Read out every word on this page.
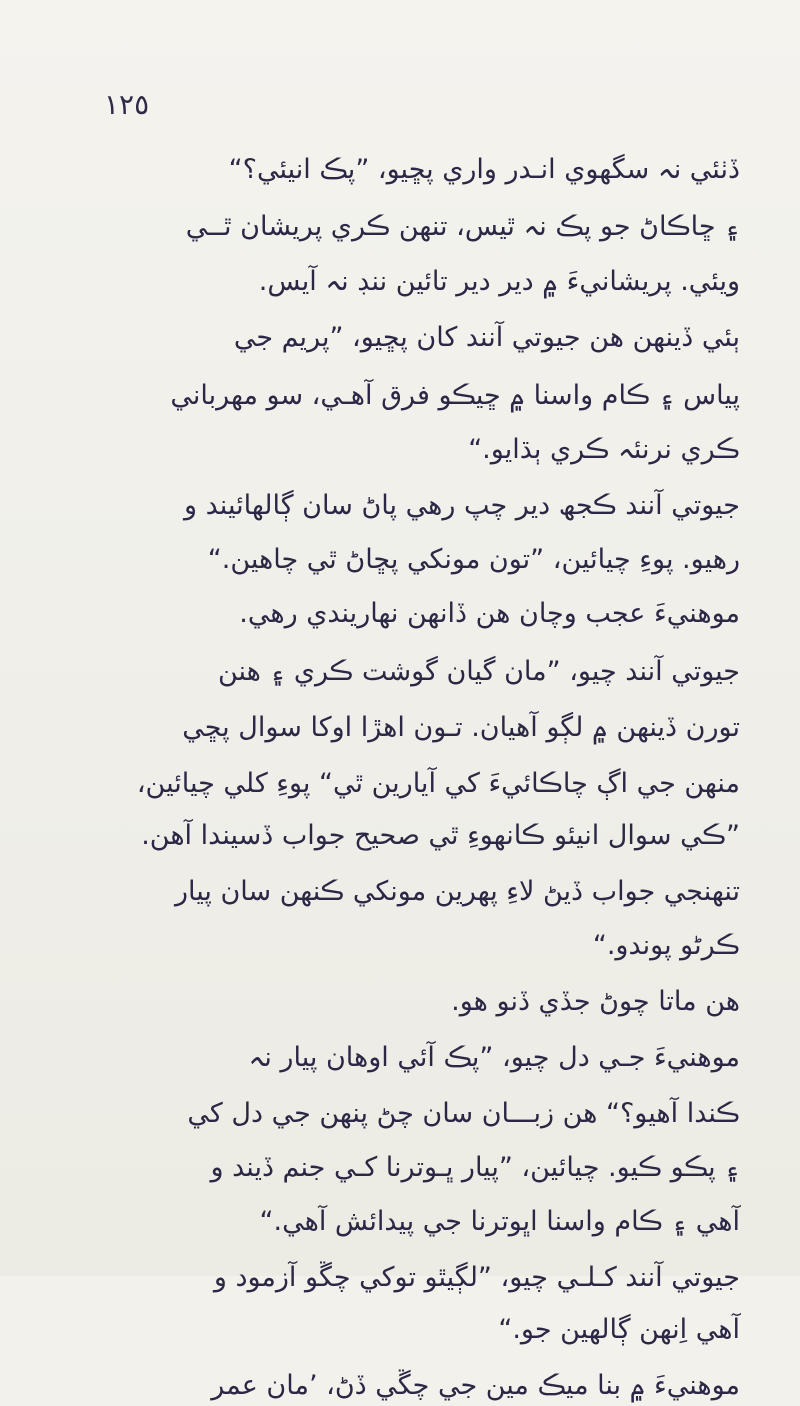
١٢٥
ڏٺئي نہ سگهوي انـدر واري پڇيو، ”پڪ انيئي؟“
۽ ڇاڪاڻ جو پڪ نہ ٿيس، تنهن ڪري پريشان ٿــي
ويئي. پريشانيءَ ۾ دير دير تائين ننڊ نہ آيس.
ٻئي ڏينهن هن جيوتي آنند کان پڇيو، ”پريم جي
پياس ۽ ڪام واسنا ۾ ڇيڪو فرق آهـي، سو مهرباني
ڪري نرنئہ ڪري ٻڌايو.“
جيوتي آنند ڪجھ دير چپ رهي پاڻ سان ڳالهائيند و
رهيو. پوءِ چيائين، ”تون مونکي پڇاڻ ٿي چاهين.“
موهنيءَ عجب وچان هن ڏانهن نهاريندي رهي.
جيوتي آنند چيو، ”مان گيان گوشت ڪري ۽ هنن
تورن ڏينهن ۾ لڳو آهيان. تـون اهڙا اوکا سوال پڇي
منهن جي اڳ چاڪائيءَ کي آيارين ٿي“ پوءِ کلي چيائين،
”ڪي سوال انيئو ڪانهوءِ ٿي صحيح جواب ڏسيندا آهن.
تنهنجي جواب ڏيڻ لاءِ پهرين مونکي ڪنهن سان پيار
ڪرڻو پوندو.“
هن ماتا چوڻ جڏي ڏنو هو.
موهنيءَ جـي دل چيو، ”پڪ آئي اوهان پيار نہ
ڪندا آهيو؟“ هن زبـــان سان چڻ پنهن جي دل کي
۽ پڪو ڪيو. چيائين، ”پيار ڀـوترنا کـي جنم ڏيند و
آهي ۽ ڪام واسنا اڀوترنا جي پيدائش آهي.“
جيوتي آنند کـلـي چيو، ”لڳيٿو توکي چڱو آزمود و
آهي اِنهن ڳالهين جو.“
موهنيءَ ۾ بنا ميڪ مين جي چڱي ڏڻ، ’مان عمر
